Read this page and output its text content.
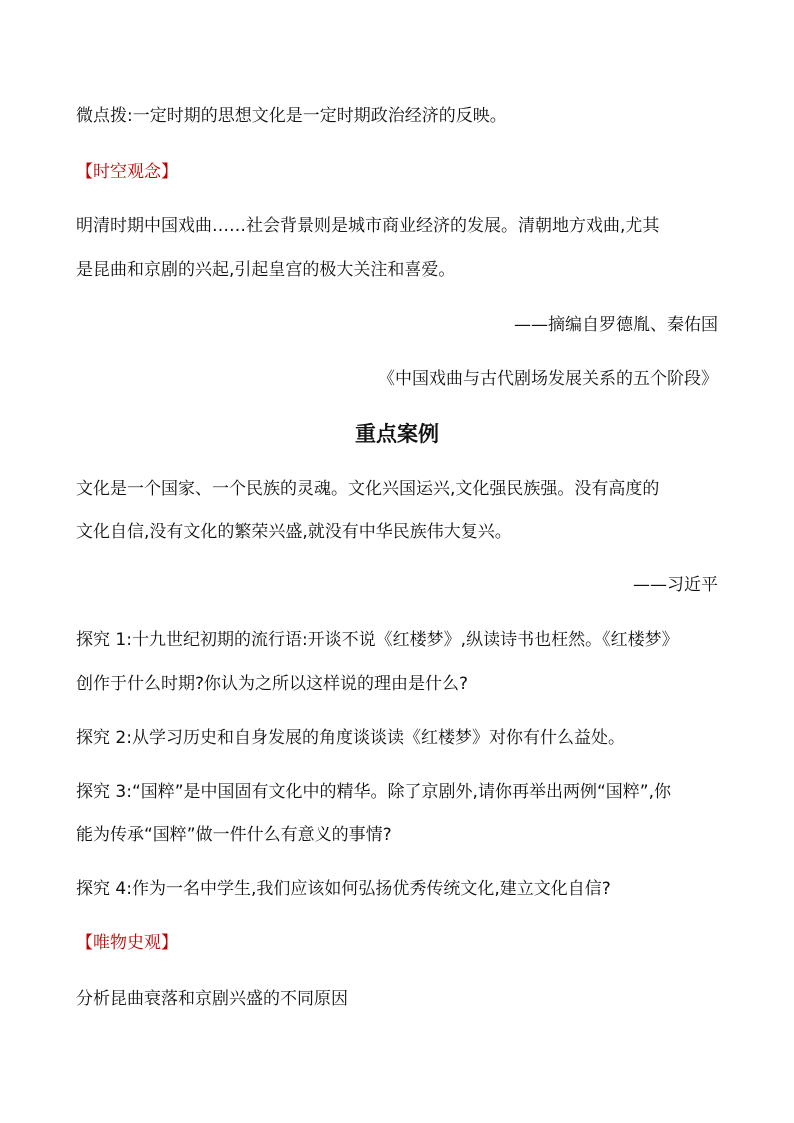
微点拨:一定时期的思想文化是一定时期政治经济的反映。
【时空观念】
明清时期中国戏曲……社会背景则是城市商业经济的发展。清朝地方戏曲,尤其
是昆曲和京剧的兴起,引起皇宫的极大关注和喜爱。
——摘编自罗德胤、秦佑国
《中国戏曲与古代剧场发展关系的五个阶段》
重点案例
文化是一个国家、一个民族的灵魂。文化兴国运兴,文化强民族强。没有高度的
文化自信,没有文化的繁荣兴盛,就没有中华民族伟大复兴。
——习近平
探究 1:十九世纪初期的流行语:开谈不说《红楼梦》,纵读诗书也枉然。《红楼梦》
创作于什么时期?你认为之所以这样说的理由是什么?
探究 2:从学习历史和自身发展的角度谈谈读《红楼梦》对你有什么益处。
探究 3:“国粹”是中国固有文化中的精华。除了京剧外,请你再举出两例“国粹”,你
能为传承“国粹”做一件什么有意义的事情?
探究 4:作为一名中学生,我们应该如何弘扬优秀传统文化,建立文化自信?
【唯物史观】
分析昆曲衰落和京剧兴盛的不同原因
